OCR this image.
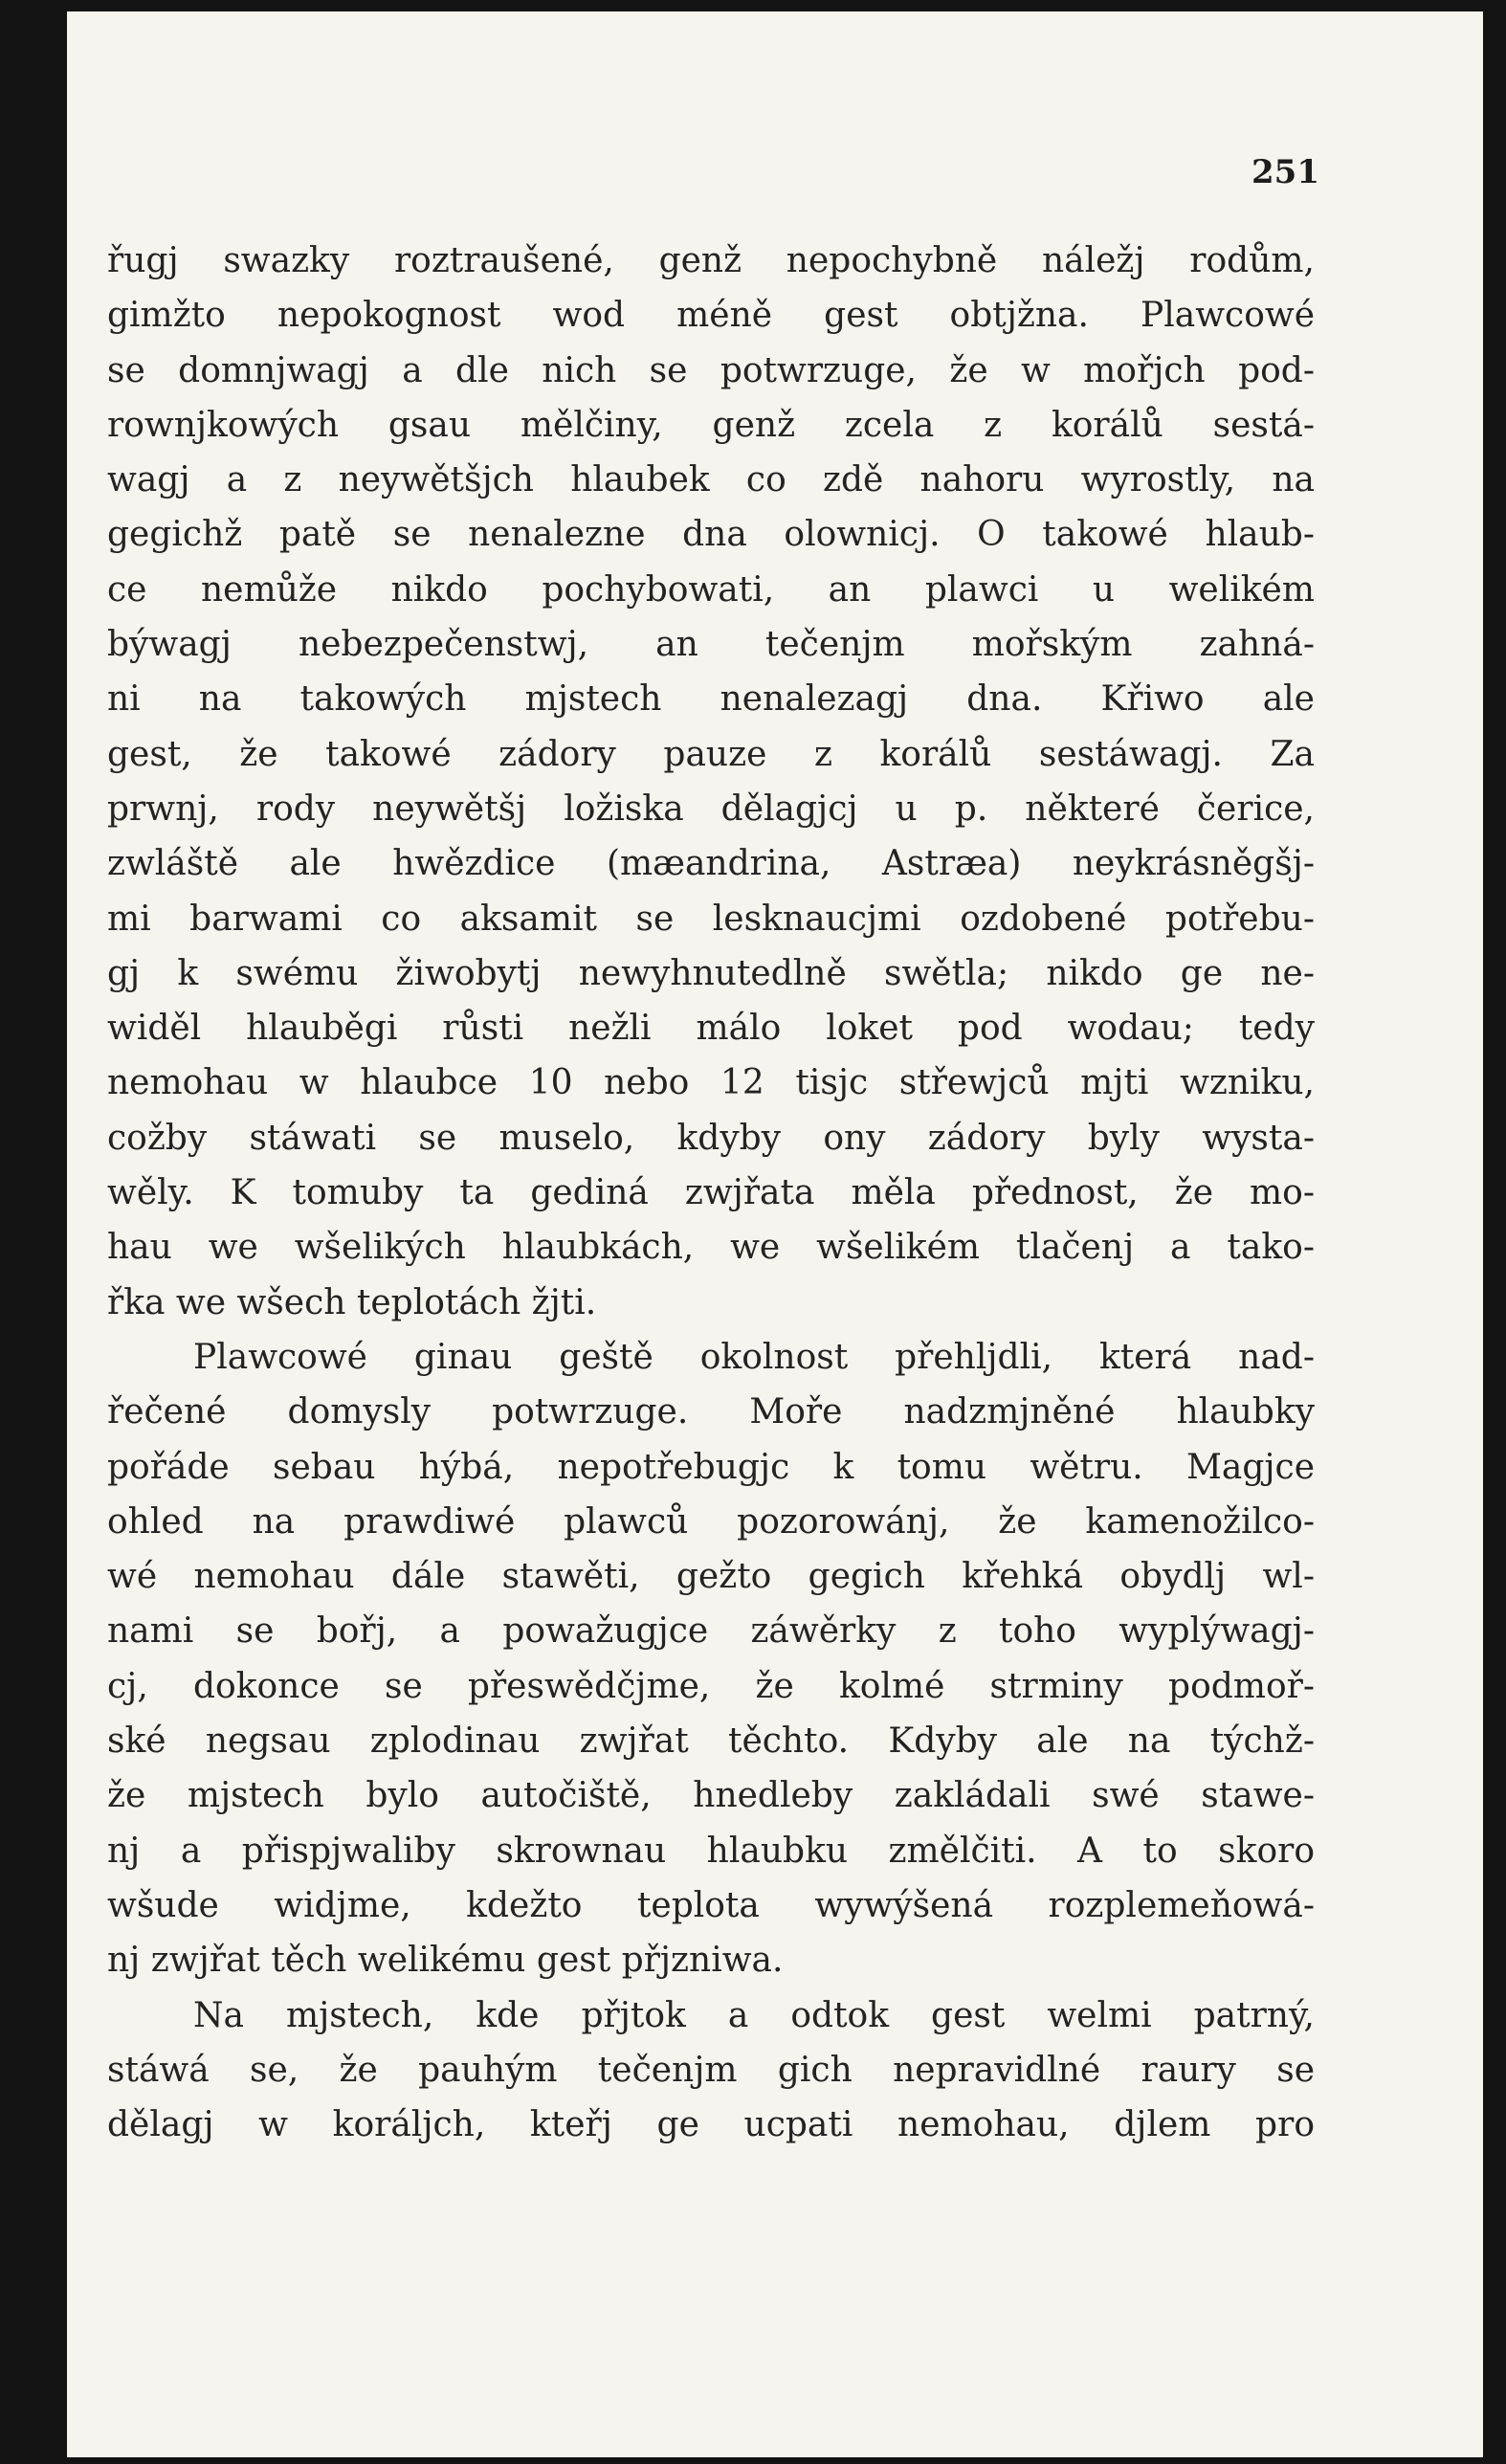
251
řugj swazky roztraušené, genž nepochybně náležj rodům,
gimžto nepokognost wod méně gest obtjžna. Plawcowé
se domnjwagj a dle nich se potwrzuge, že w mořjch pod-
rownjkowých gsau mělčiny, genž zcela z korálů sestá-
wagj a z neywětšjch hlaubek co zdě nahoru wyrostly, na
gegichž patě se nenalezne dna olownicj. O takowé hlaub-
ce nemůže nikdo pochybowati, an plawci u welikém
býwagj nebezpečenstwj, an tečenjm mořským zahná-
ni na takowých mjstech nenalezagj dna. Křiwo ale
gest, že takowé zádory pauze z korálů sestáwagj. Za
prwnj, rody neywětšj ložiska dělagjcj u p. některé čerice,
zwláště ale hwězdice (mæandrina, Astræa) neykrásněgšj-
mi barwami co aksamit se lesknaucjmi ozdobené potřebu-
gj k swému žiwobytj newyhnutedlně swětla; nikdo ge ne-
widěl hlauběgi růsti nežli málo loket pod wodau; tedy
nemohau w hlaubce 10 nebo 12 tisjc střewjců mjti wzniku,
cožby stáwati se muselo, kdyby ony zádory byly wysta-
wěly. K tomuby ta gediná zwjřata měla přednost, že mo-
hau we wšelikých hlaubkách, we wšelikém tlačenj a tako-
řka we wšech teplotách žjti.
Plawcowé ginau geště okolnost přehljdli, která nad-
řečené domysly potwrzuge. Moře nadzmjněné hlaubky
pořáde sebau hýbá, nepotřebugjc k tomu wětru. Magjce
ohled na prawdiwé plawců pozorowánj, že kamenožilco-
wé nemohau dále stawěti, gežto gegich křehká obydlj wl-
nami se bořj, a powažugjce záwěrky z toho wyplýwagj-
cj, dokonce se přeswědčjme, že kolmé strminy podmoř-
ské negsau zplodinau zwjřat těchto. Kdyby ale na týchž-
že mjstech bylo autočiště, hnedleby zakládali swé stawe-
nj a přispjwaliby skrownau hlaubku změlčiti. A to skoro
wšude widjme, kdežto teplota wywýšená rozplemeňowá-
nj zwjřat těch welikému gest přjzniwa.
Na mjstech, kde přjtok a odtok gest welmi patrný,
stáwá se, že pauhým tečenjm gich nepravidlné raury se
dělagj w koráljch, kteřj ge ucpati nemohau, djlem pro
